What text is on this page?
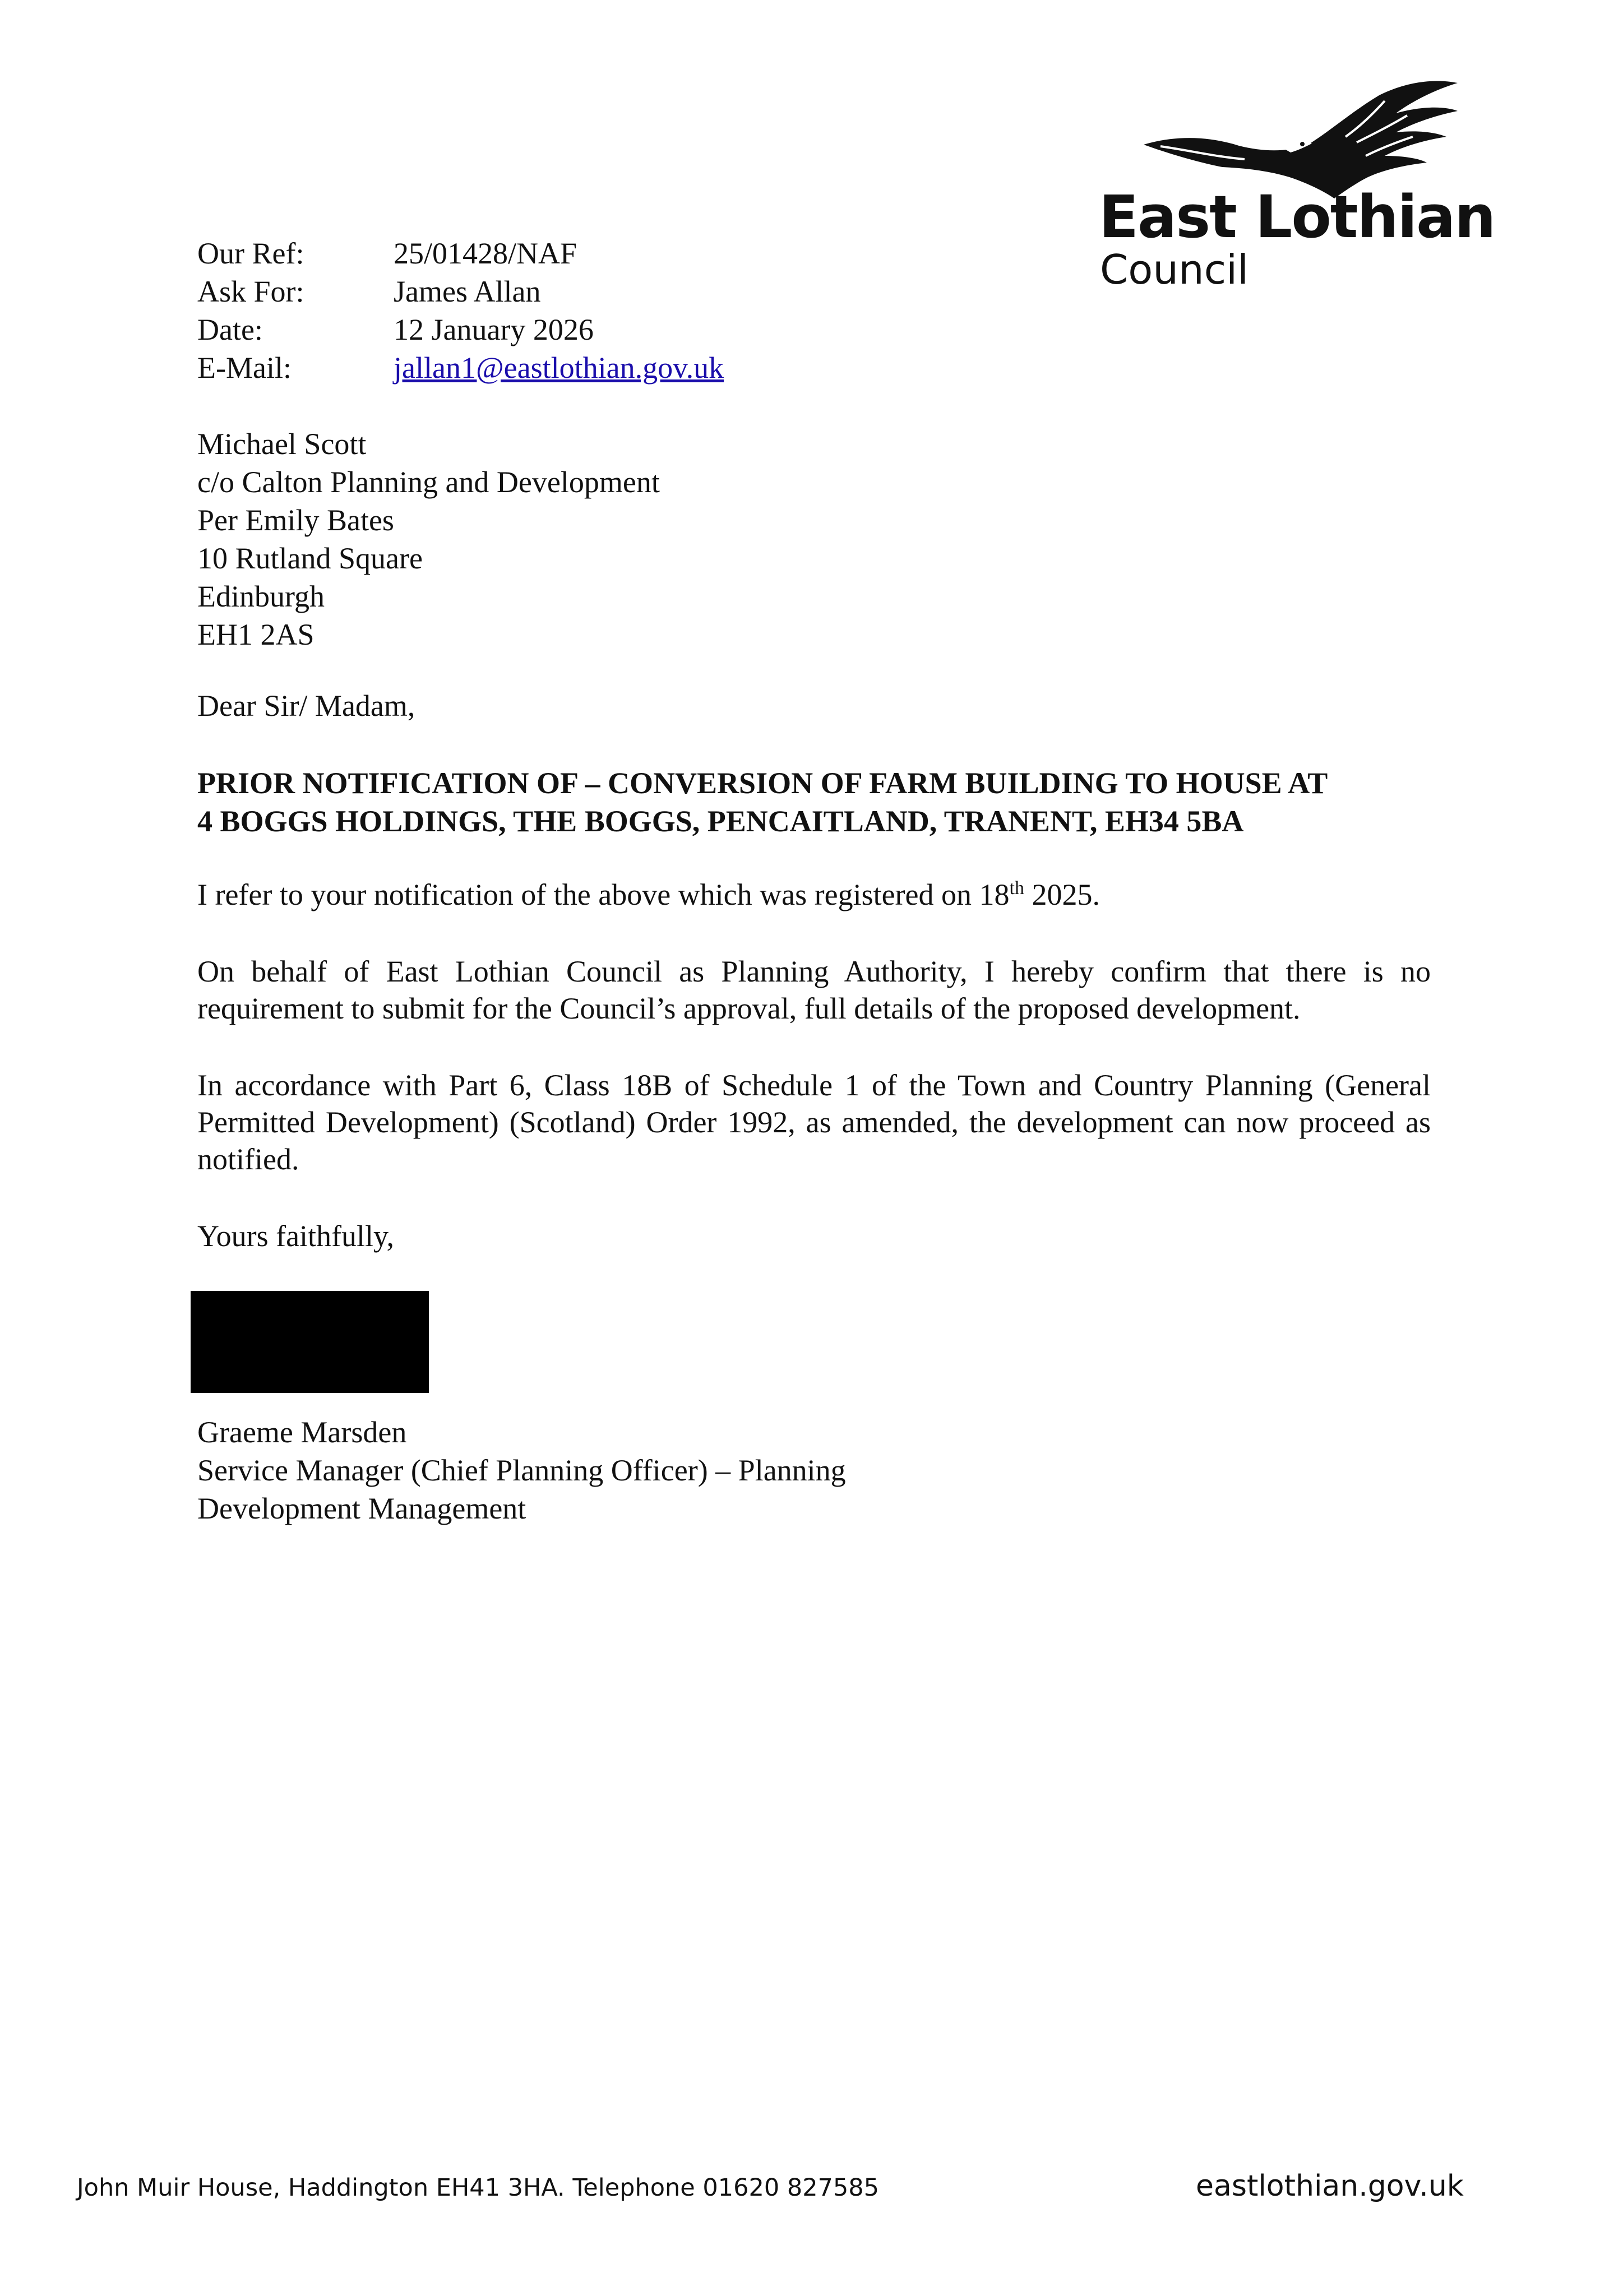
East Lothian
Council
Our Ref:	25/01428/NAF
Ask For:	James Allan
Date:	12 January 2026
E-Mail:	jallan1@eastlothian.gov.uk
Michael Scott
c/o Calton Planning and Development
Per Emily Bates
10 Rutland Square
Edinburgh
EH1 2AS
Dear Sir/ Madam,
PRIOR NOTIFICATION OF – CONVERSION OF FARM BUILDING TO HOUSE AT
4 BOGGS HOLDINGS, THE BOGGS, PENCAITLAND, TRANENT, EH34 5BA
I refer to your notification of the above which was registered on 18th 2025.
On behalf of East Lothian Council as Planning Authority, I hereby confirm that there is no requirement to submit for the Council’s approval, full details of the proposed development.
In accordance with Part 6, Class 18B of Schedule 1 of the Town and Country Planning (General Permitted Development) (Scotland) Order 1992, as amended, the development can now proceed as notified.
Yours faithfully,
Graeme Marsden
Service Manager (Chief Planning Officer) – Planning
Development Management
John Muir House, Haddington EH41 3HA. Telephone 01620 827585	eastlothian.gov.uk
